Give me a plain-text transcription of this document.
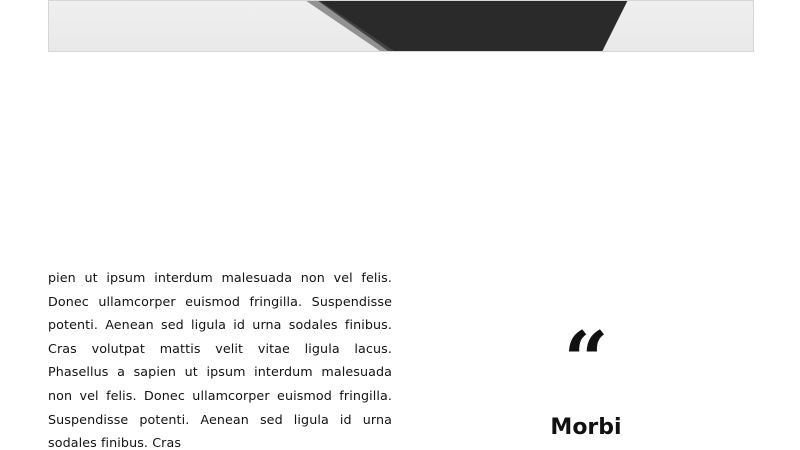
pien ut ipsum interdum malesuada non vel felis. Donec ullamcorper euismod fringilla. Suspendisse potenti. Aenean sed ligula id urna sodales finibus. Cras volutpat mattis velit vitae ligula lacus. Phasellus a sapien ut ipsum interdum malesuada non vel felis. Donec ullamcorper euismod fringilla. Suspendisse potenti. Aenean sed ligula id urna sodales finibus. Cras

“
Morbi
